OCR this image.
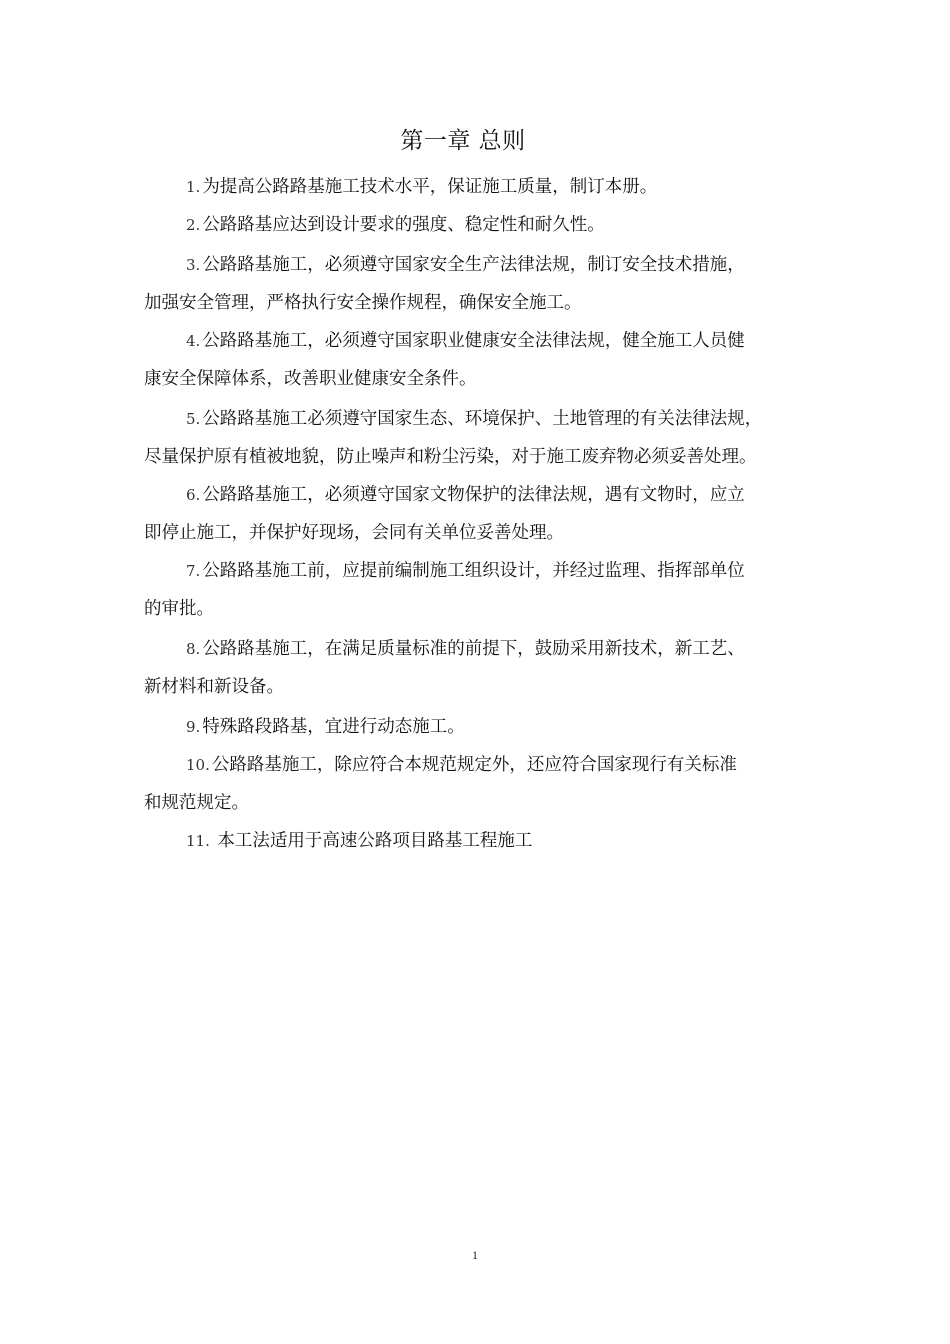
第一章 总则

1. 为提高公路路基施工技术水平，保证施工质量，制订本册。

2. 公路路基应达到设计要求的强度、稳定性和耐久性。

3. 公路路基施工，必须遵守国家安全生产法律法规，制订安全技术措施，
加强安全管理，严格执行安全操作规程，确保安全施工。

4. 公路路基施工，必须遵守国家职业健康安全法律法规，健全施工人员健
康安全保障体系，改善职业健康安全条件。

5. 公路路基施工必须遵守国家生态、环境保护、土地管理的有关法律法规，
尽量保护原有植被地貌，防止噪声和粉尘污染，对于施工废弃物必须妥善处理。

6. 公路路基施工，必须遵守国家文物保护的法律法规，遇有文物时，应立
即停止施工，并保护好现场，会同有关单位妥善处理。

7. 公路路基施工前，应提前编制施工组织设计，并经过监理、指挥部单位
的审批。

8. 公路路基施工，在满足质量标准的前提下，鼓励采用新技术，新工艺、
新材料和新设备。

9. 特殊路段路基，宜进行动态施工。

10. 公路路基施工，除应符合本规范规定外，还应符合国家现行有关标准
和规范规定。

11. 本工法适用于高速公路项目路基工程施工

1
